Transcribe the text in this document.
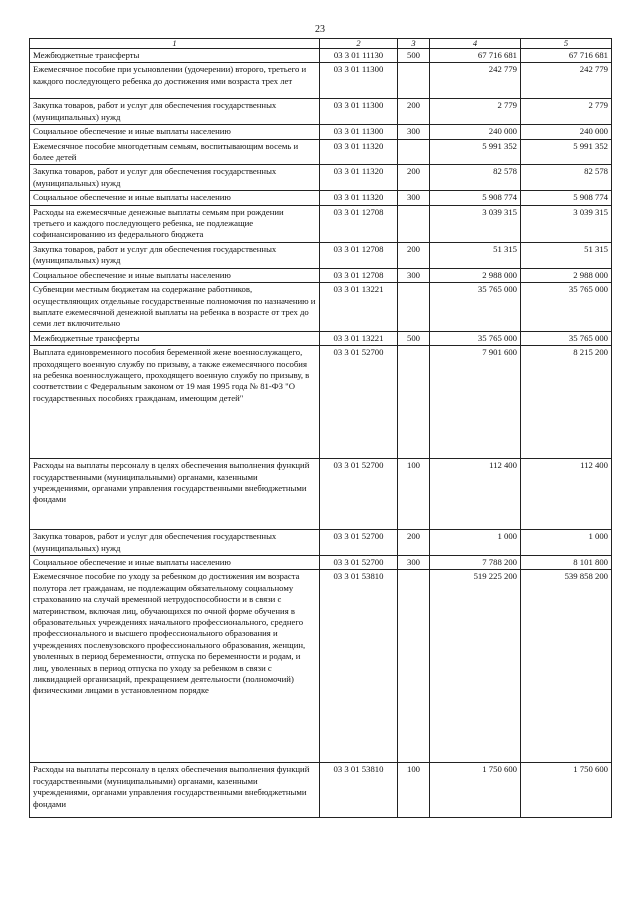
23
1	2	3	4	5
Межбюджетные трансферты	03 3 01 11130	500	67 716 681	67 716 681
Ежемесячное пособие при усыновлении (удочерении) второго, третьего и каждого последующего ребенка до достижения ими возраста трех лет	03 3 01 11300		242 779	242 779
Закупка товаров, работ и услуг для обеспечения государственных (муниципальных) нужд	03 3 01 11300	200	2 779	2 779
Социальное обеспечение и иные выплаты населению	03 3 01 11300	300	240 000	240 000
Ежемесячное пособие многодетным семьям, воспитывающим восемь и более детей	03 3 01 11320		5 991 352	5 991 352
Закупка товаров, работ и услуг для обеспечения государственных (муниципальных) нужд	03 3 01 11320	200	82 578	82 578
Социальное обеспечение и иные выплаты населению	03 3 01 11320	300	5 908 774	5 908 774
Расходы на ежемесячные денежные выплаты семьям при рождении третьего и каждого последующего ребенка, не подлежащие софинансированию из федерального бюджета	03 3 01 12708		3 039 315	3 039 315
Закупка товаров, работ и услуг для обеспечения государственных (муниципальных) нужд	03 3 01 12708	200	51 315	51 315
Социальное обеспечение и иные выплаты населению	03 3 01 12708	300	2 988 000	2 988 000
Субвенции местным бюджетам на содержание работников, осуществляющих отдельные государственные полномочия по назначению и выплате ежемесячной денежной выплаты на ребенка в возрасте от трех до семи лет включительно	03 3 01 13221		35 765 000	35 765 000
Межбюджетные трансферты	03 3 01 13221	500	35 765 000	35 765 000
Выплата единовременного пособия беременной жене военнослужащего, проходящего военную службу по призыву, а также ежемесячного пособия на ребенка военнослужащего, проходящего военную службу по призыву, в соответствии с Федеральным законом от 19 мая 1995 года № 81-ФЗ "О государственных пособиях гражданам, имеющим детей"	03 3 01 52700		7 901 600	8 215 200
Расходы на выплаты персоналу в целях обеспечения выполнения функций государственными (муниципальными) органами, казенными учреждениями, органами управления государственными внебюджетными фондами	03 3 01 52700	100	112 400	112 400
Закупка товаров, работ и услуг для обеспечения государственных (муниципальных) нужд	03 3 01 52700	200	1 000	1 000
Социальное обеспечение и иные выплаты населению	03 3 01 52700	300	7 788 200	8 101 800
Ежемесячное пособие по уходу за ребенком до достижения им возраста полутора лет гражданам, не подлежащим обязательному социальному страхованию на случай временной нетрудоспособности и в связи с материнством, включая лиц, обучающихся по очной форме обучения в образовательных учреждениях начального профессионального, среднего профессионального и высшего профессионального образования и учреждениях послевузовского профессионального образования, женщин, уволенных в период беременности, отпуска по беременности и родам, и лиц, уволенных в период отпуска по уходу за ребенком в связи с ликвидацией организаций, прекращением деятельности (полномочий) физическими лицами в установленном порядке	03 3 01 53810		519 225 200	539 858 200
Расходы на выплаты персоналу в целях обеспечения выполнения функций государственными (муниципальными) органами, казенными учреждениями, органами управления государственными внебюджетными фондами	03 3 01 53810	100	1 750 600	1 750 600
